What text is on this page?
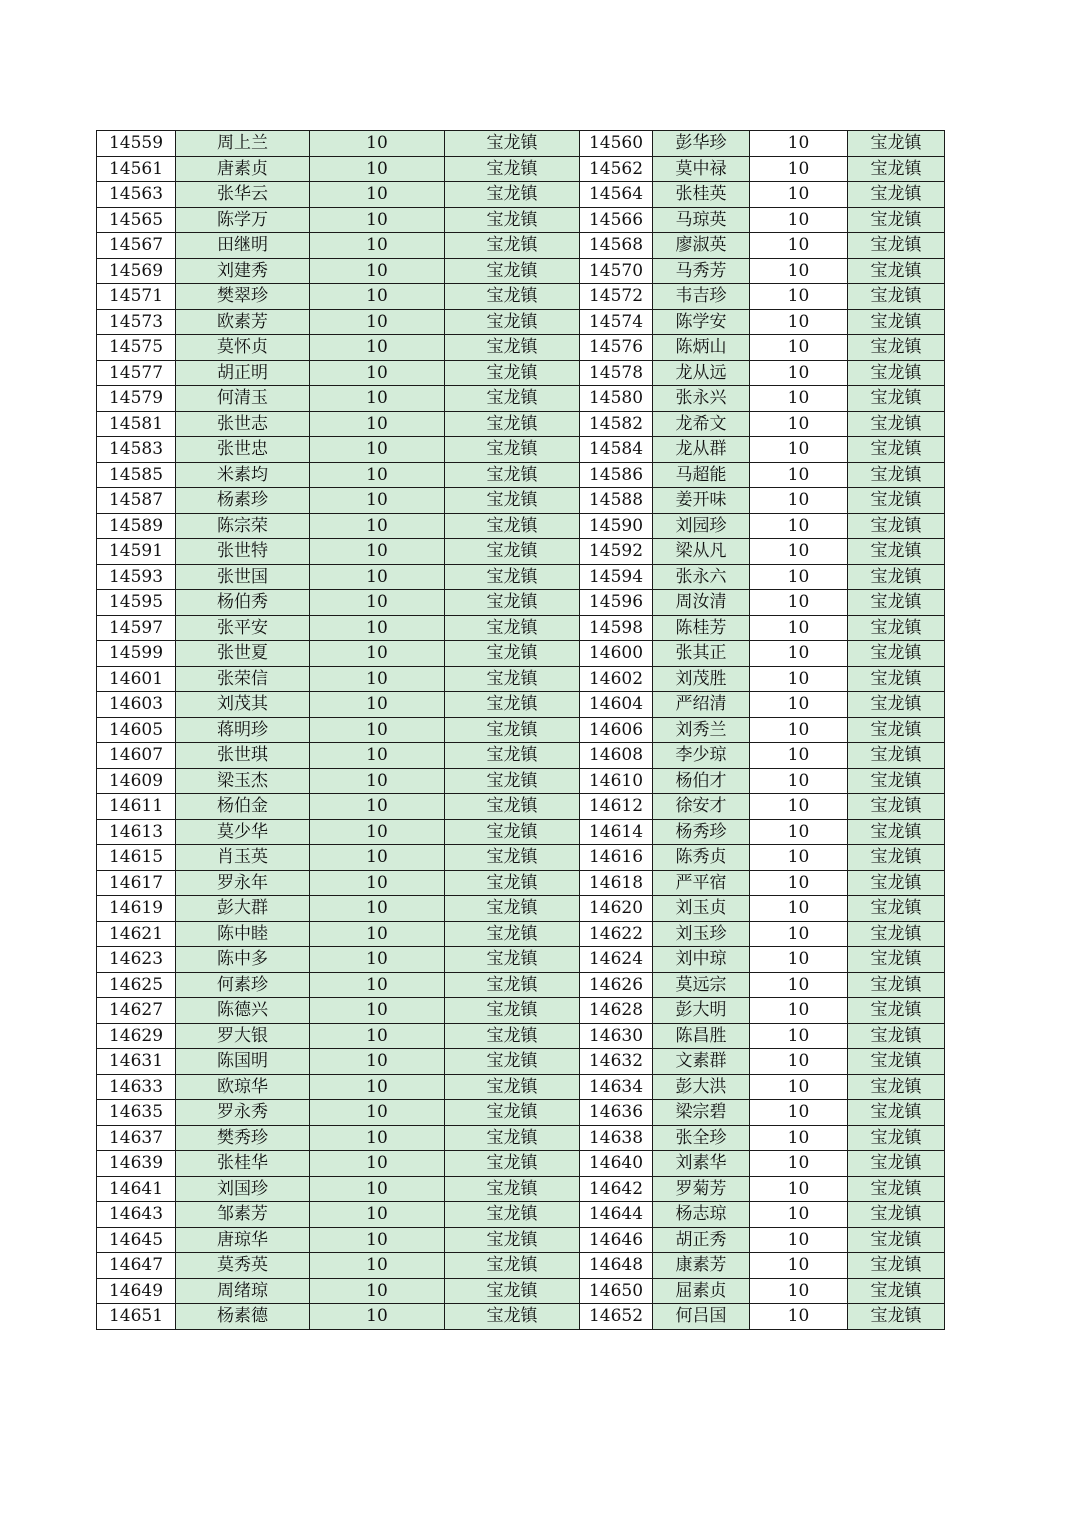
14559	周上兰	10	宝龙镇	14560	彭华珍	10	宝龙镇
14561	唐素贞	10	宝龙镇	14562	莫中禄	10	宝龙镇
14563	张华云	10	宝龙镇	14564	张桂英	10	宝龙镇
14565	陈学万	10	宝龙镇	14566	马琼英	10	宝龙镇
14567	田继明	10	宝龙镇	14568	廖淑英	10	宝龙镇
14569	刘建秀	10	宝龙镇	14570	马秀芳	10	宝龙镇
14571	樊翠珍	10	宝龙镇	14572	韦吉珍	10	宝龙镇
14573	欧素芳	10	宝龙镇	14574	陈学安	10	宝龙镇
14575	莫怀贞	10	宝龙镇	14576	陈炳山	10	宝龙镇
14577	胡正明	10	宝龙镇	14578	龙从远	10	宝龙镇
14579	何清玉	10	宝龙镇	14580	张永兴	10	宝龙镇
14581	张世志	10	宝龙镇	14582	龙希文	10	宝龙镇
14583	张世忠	10	宝龙镇	14584	龙从群	10	宝龙镇
14585	米素均	10	宝龙镇	14586	马超能	10	宝龙镇
14587	杨素珍	10	宝龙镇	14588	姜开味	10	宝龙镇
14589	陈宗荣	10	宝龙镇	14590	刘园珍	10	宝龙镇
14591	张世特	10	宝龙镇	14592	梁从凡	10	宝龙镇
14593	张世国	10	宝龙镇	14594	张永六	10	宝龙镇
14595	杨伯秀	10	宝龙镇	14596	周汝清	10	宝龙镇
14597	张平安	10	宝龙镇	14598	陈桂芳	10	宝龙镇
14599	张世夏	10	宝龙镇	14600	张其正	10	宝龙镇
14601	张荣信	10	宝龙镇	14602	刘茂胜	10	宝龙镇
14603	刘茂其	10	宝龙镇	14604	严绍清	10	宝龙镇
14605	蒋明珍	10	宝龙镇	14606	刘秀兰	10	宝龙镇
14607	张世琪	10	宝龙镇	14608	李少琼	10	宝龙镇
14609	梁玉杰	10	宝龙镇	14610	杨伯才	10	宝龙镇
14611	杨伯金	10	宝龙镇	14612	徐安才	10	宝龙镇
14613	莫少华	10	宝龙镇	14614	杨秀珍	10	宝龙镇
14615	肖玉英	10	宝龙镇	14616	陈秀贞	10	宝龙镇
14617	罗永年	10	宝龙镇	14618	严平宿	10	宝龙镇
14619	彭大群	10	宝龙镇	14620	刘玉贞	10	宝龙镇
14621	陈中睦	10	宝龙镇	14622	刘玉珍	10	宝龙镇
14623	陈中多	10	宝龙镇	14624	刘中琼	10	宝龙镇
14625	何素珍	10	宝龙镇	14626	莫远宗	10	宝龙镇
14627	陈德兴	10	宝龙镇	14628	彭大明	10	宝龙镇
14629	罗大银	10	宝龙镇	14630	陈昌胜	10	宝龙镇
14631	陈国明	10	宝龙镇	14632	文素群	10	宝龙镇
14633	欧琼华	10	宝龙镇	14634	彭大洪	10	宝龙镇
14635	罗永秀	10	宝龙镇	14636	梁宗碧	10	宝龙镇
14637	樊秀珍	10	宝龙镇	14638	张全珍	10	宝龙镇
14639	张桂华	10	宝龙镇	14640	刘素华	10	宝龙镇
14641	刘国珍	10	宝龙镇	14642	罗菊芳	10	宝龙镇
14643	邹素芳	10	宝龙镇	14644	杨志琼	10	宝龙镇
14645	唐琼华	10	宝龙镇	14646	胡正秀	10	宝龙镇
14647	莫秀英	10	宝龙镇	14648	康素芳	10	宝龙镇
14649	周绪琼	10	宝龙镇	14650	屈素贞	10	宝龙镇
14651	杨素德	10	宝龙镇	14652	何吕国	10	宝龙镇
